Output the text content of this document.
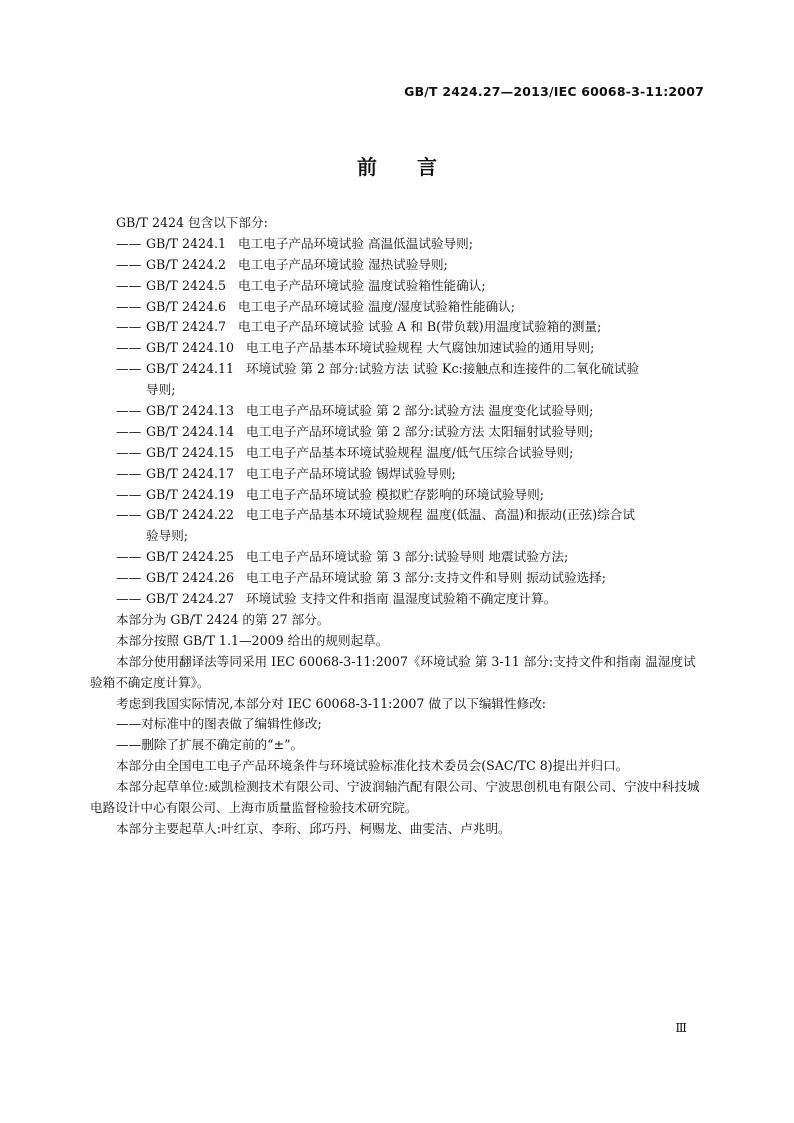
GB/T 2424.27—2013/IEC 60068-3-11:2007
前言
GB/T 2424 包含以下部分:
—— GB/T 2424.1 电工电子产品环境试验 高温低温试验导则;
—— GB/T 2424.2 电工电子产品环境试验 湿热试验导则;
—— GB/T 2424.5 电工电子产品环境试验 温度试验箱性能确认;
—— GB/T 2424.6 电工电子产品环境试验 温度/湿度试验箱性能确认;
—— GB/T 2424.7 电工电子产品环境试验 试验 A 和 B(带负载)用温度试验箱的测量;
—— GB/T 2424.10 电工电子产品基本环境试验规程 大气腐蚀加速试验的通用导则;
—— GB/T 2424.11 环境试验 第 2 部分:试验方法 试验 Kc:接触点和连接件的二氧化硫试验
导则;
—— GB/T 2424.13 电工电子产品环境试验 第 2 部分:试验方法 温度变化试验导则;
—— GB/T 2424.14 电工电子产品环境试验 第 2 部分:试验方法 太阳辐射试验导则;
—— GB/T 2424.15 电工电子产品基本环境试验规程 温度/低气压综合试验导则;
—— GB/T 2424.17 电工电子产品环境试验 锡焊试验导则;
—— GB/T 2424.19 电工电子产品环境试验 模拟贮存影响的环境试验导则;
—— GB/T 2424.22 电工电子产品基本环境试验规程 温度(低温、高温)和振动(正弦)综合试
验导则;
—— GB/T 2424.25 电工电子产品环境试验 第 3 部分:试验导则 地震试验方法;
—— GB/T 2424.26 电工电子产品环境试验 第 3 部分:支持文件和导则 振动试验选择;
—— GB/T 2424.27 环境试验 支持文件和指南 温湿度试验箱不确定度计算。
本部分为 GB/T 2424 的第 27 部分。
本部分按照 GB/T 1.1—2009 给出的规则起草。
本部分使用翻译法等同采用 IEC 60068-3-11:2007《环境试验 第 3-11 部分:支持文件和指南 温湿度试验箱不确定度计算》。
考虑到我国实际情况,本部分对 IEC 60068-3-11:2007 做了以下编辑性修改:
——对标准中的图表做了编辑性修改;
——删除了扩展不确定前的“±”。
本部分由全国电工电子产品环境条件与环境试验标准化技术委员会(SAC/TC 8)提出并归口。
本部分起草单位:威凯检测技术有限公司、宁波润轴汽配有限公司、宁波思创机电有限公司、宁波中科技城电路设计中心有限公司、上海市质量监督检验技术研究院。
本部分主要起草人:叶红京、李珩、邱巧丹、柯赐龙、曲雯洁、卢兆明。
Ⅲ
